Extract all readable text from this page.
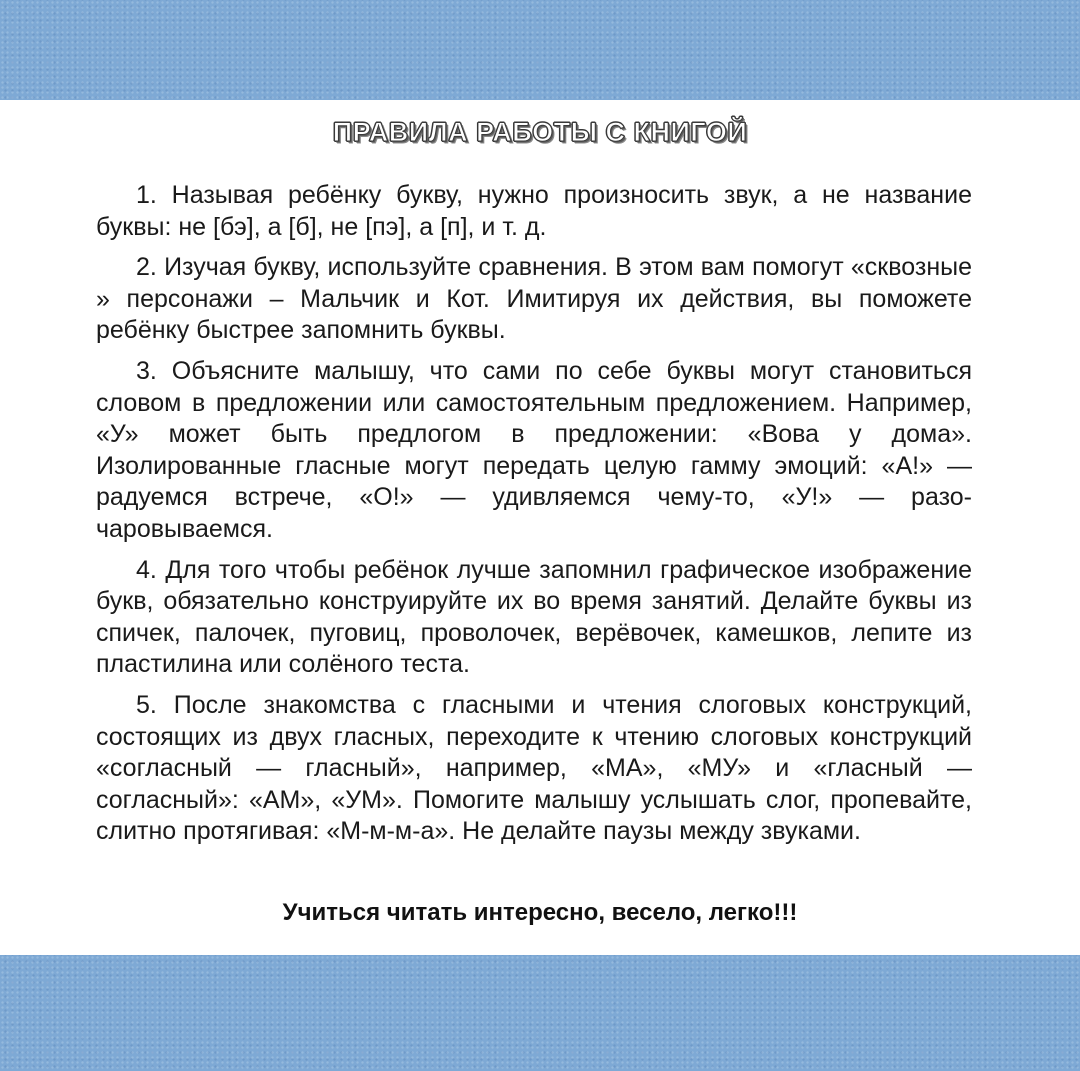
ПРАВИЛА РАБОТЫ С КНИГОЙ

1. Называя ребёнку букву, нужно произносить звук, а не название буквы: не [бэ], а [б], не [пэ], а [п], и т. д.

2. Изучая букву, используйте сравнения. В этом вам помогут «сквозные » персонажи – Мальчик и Кот. Имитируя их действия, вы поможете ребёнку быстрее запомнить буквы.

3. Объясните малышу, что сами по себе буквы могут становиться словом в предложении или самостоятельным предложением. Например, «У» может быть предлогом в предложении: «Вова у дома». Изолированные гласные могут передать целую гамму эмоций: «А!» — радуемся встрече, «О!» — удивляемся чему-то, «У!» — разочаровываемся.

4. Для того чтобы ребёнок лучше запомнил графическое изображение букв, обязательно конструируйте их во время занятий. Делайте буквы из спичек, палочек, пуговиц, проволочек, верёвочек, камешков, лепите из пластилина или солёного теста.

5. После знакомства с гласными и чтения слоговых конструкций, состоящих из двух гласных, переходите к чтению слоговых конструкций «согласный — гласный», например, «МА», «МУ» и «гласный — согласный»: «АМ», «УМ». Помогите малышу услышать слог, пропевайте, слитно протягивая: «М-м-м-а». Не делайте паузы между звуками.

Учиться читать интересно, весело, легко!!!
